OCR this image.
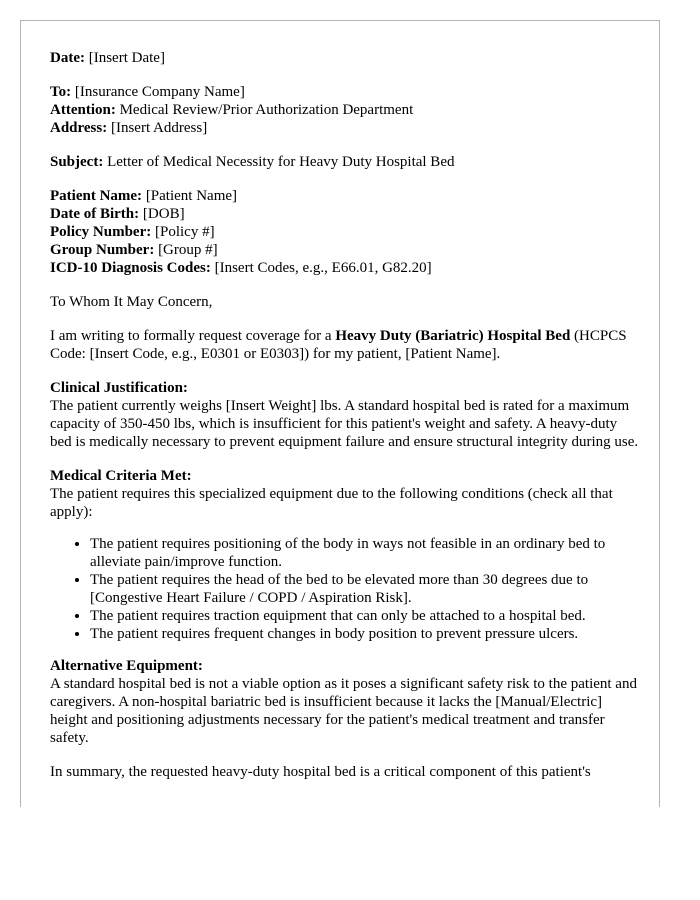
Date: [Insert Date]

To: [Insurance Company Name]
Attention: Medical Review/Prior Authorization Department
Address: [Insert Address]

Subject: Letter of Medical Necessity for Heavy Duty Hospital Bed

Patient Name: [Patient Name]
Date of Birth: [DOB]
Policy Number: [Policy #]
Group Number: [Group #]
ICD-10 Diagnosis Codes: [Insert Codes, e.g., E66.01, G82.20]

To Whom It May Concern,

I am writing to formally request coverage for a Heavy Duty (Bariatric) Hospital Bed (HCPCS Code: [Insert Code, e.g., E0301 or E0303]) for my patient, [Patient Name].

Clinical Justification:
The patient currently weighs [Insert Weight] lbs. A standard hospital bed is rated for a maximum capacity of 350-450 lbs, which is insufficient for this patient's weight and safety. A heavy-duty bed is medically necessary to prevent equipment failure and ensure structural integrity during use.

Medical Criteria Met:
The patient requires this specialized equipment due to the following conditions (check all that apply):

• The patient requires positioning of the body in ways not feasible in an ordinary bed to alleviate pain/improve function.
• The patient requires the head of the bed to be elevated more than 30 degrees due to [Congestive Heart Failure / COPD / Aspiration Risk].
• The patient requires traction equipment that can only be attached to a hospital bed.
• The patient requires frequent changes in body position to prevent pressure ulcers.

Alternative Equipment:
A standard hospital bed is not a viable option as it poses a significant safety risk to the patient and caregivers. A non-hospital bariatric bed is insufficient because it lacks the [Manual/Electric] height and positioning adjustments necessary for the patient's medical treatment and transfer safety.

In summary, the requested heavy-duty hospital bed is a critical component of this patient's
